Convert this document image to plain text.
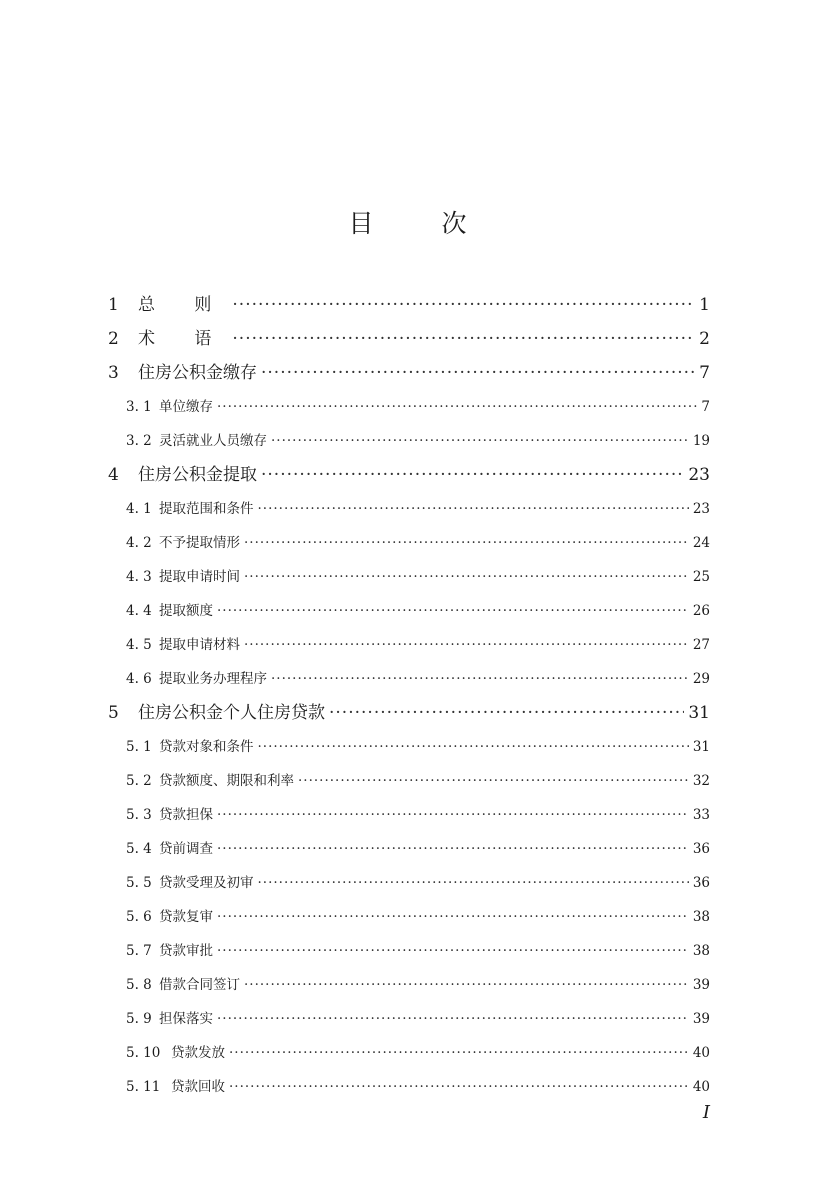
目 次
1	总 则 ·····	1
2	术 语 ·····	2
3	住房公积金缴存 ·····	7
3. 1 单位缴存 ·····	7
3. 2 灵活就业人员缴存 ·····	19
4	住房公积金提取 ·····	23
4. 1 提取范围和条件 ·····	23
4. 2 不予提取情形 ·····	24
4. 3 提取申请时间 ·····	25
4. 4 提取额度 ·····	26
4. 5 提取申请材料 ·····	27
4. 6 提取业务办理程序 ·····	29
5	住房公积金个人住房贷款 ·····	31
5. 1 贷款对象和条件 ·····	31
5. 2 贷款额度、期限和利率 ·····	32
5. 3 贷款担保 ·····	33
5. 4 贷前调查 ·····	36
5. 5 贷款受理及初审 ·····	36
5. 6 贷款复审 ·····	38
5. 7 贷款审批 ·····	38
5. 8 借款合同签订 ·····	39
5. 9 担保落实 ·····	39
5. 10 贷款发放 ·····	40
5. 11 贷款回收 ·····	40
I
